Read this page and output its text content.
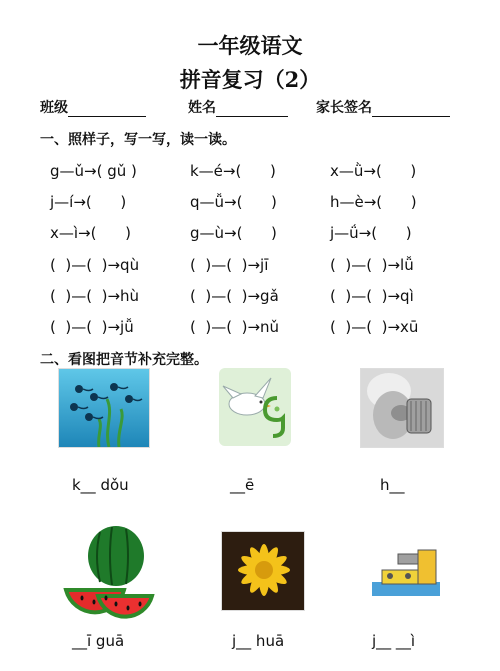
一年级语文
拼音复习（2）
班级	姓名	家长签名
一、照样子，写一写，读一读。
g—ǔ→( gǔ )	k—é→(      )	x—ǜ→(      )
j—í→(      )	q—ǚ→(      )	h—è→(      )
x—ì→(      )	g—ù→(      )	j—ǘ→(      )
(  )—(  )→qù	(  )—(  )→jī	(  )—(  )→lǚ
(  )—(  )→hù	(  )—(  )→gǎ	(  )—(  )→qì
(  )—(  )→jǚ	(  )—(  )→nǔ	(  )—(  )→xū
二、看图把音节补充完整。
k__ dǒu	__ē	h__
__ī guā	j__ huā	j__ __ì
